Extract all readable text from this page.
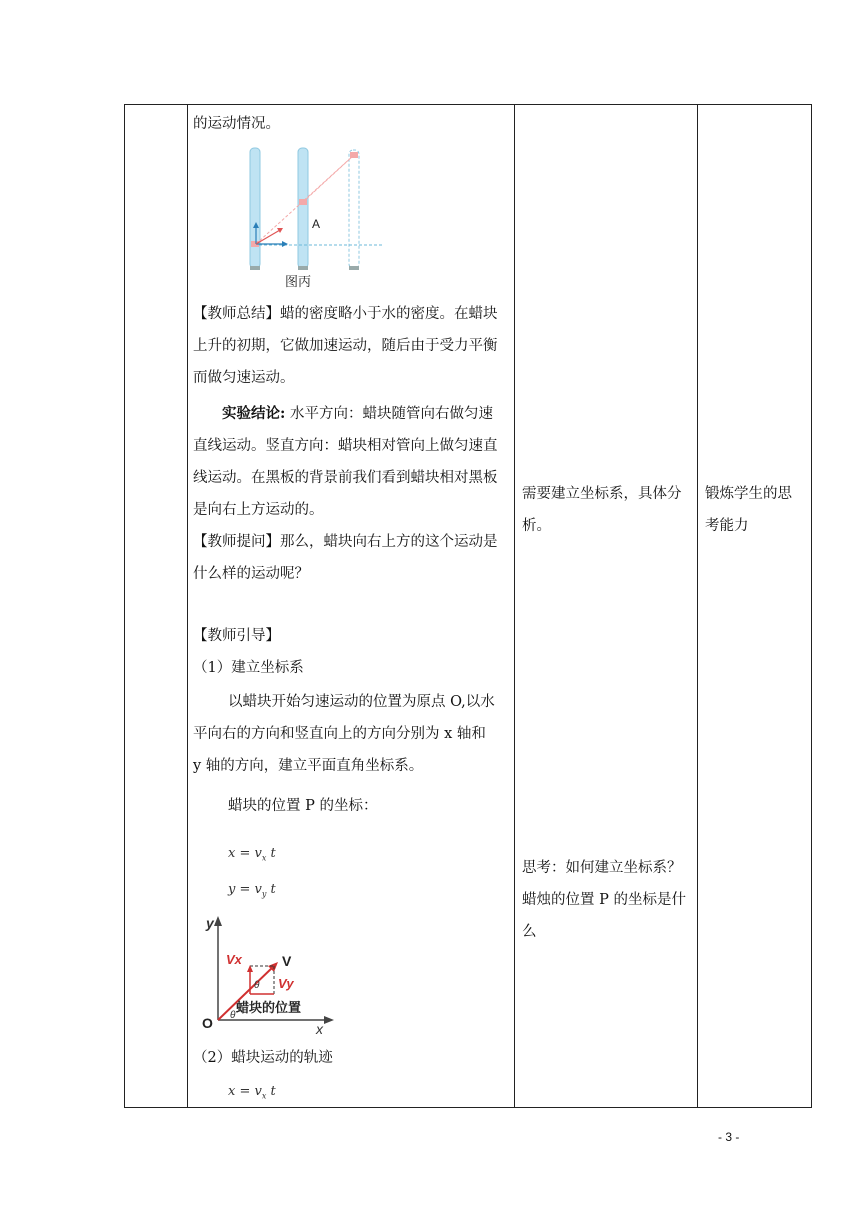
的运动情况。
A
图丙
【教师总结】蜡的密度略小于水的密度。在蜡块
上升的初期，它做加速运动，随后由于受力平衡
而做匀速运动。
实验结论: 水平方向：蜡块随管向右做匀速
直线运动。竖直方向：蜡块相对管向上做匀速直
线运动。在黑板的背景前我们看到蜡块相对黑板
是向右上方运动的。
【教师提问】那么，蜡块向右上方的这个运动是
什么样的运动呢？
【教师引导】
（1）建立坐标系
以蜡块开始匀速运动的位置为原点 O,以水
平向右的方向和竖直向上的方向分别为 x 轴和
y 轴的方向，建立平面直角坐标系。
蜡块的位置 P 的坐标：
$x = v_x$ t
$y = v_y$ t
y
x
O
Vx	V
Vy
θ
θ
蜡块的位置
（2）蜡块运动的轨迹
$x = v_x$ t
需要建立坐标系，具体分
析。
思考：如何建立坐标系？
蜡烛的位置 P 的坐标是什
么
锻炼学生的思
考能力
- 3 -
